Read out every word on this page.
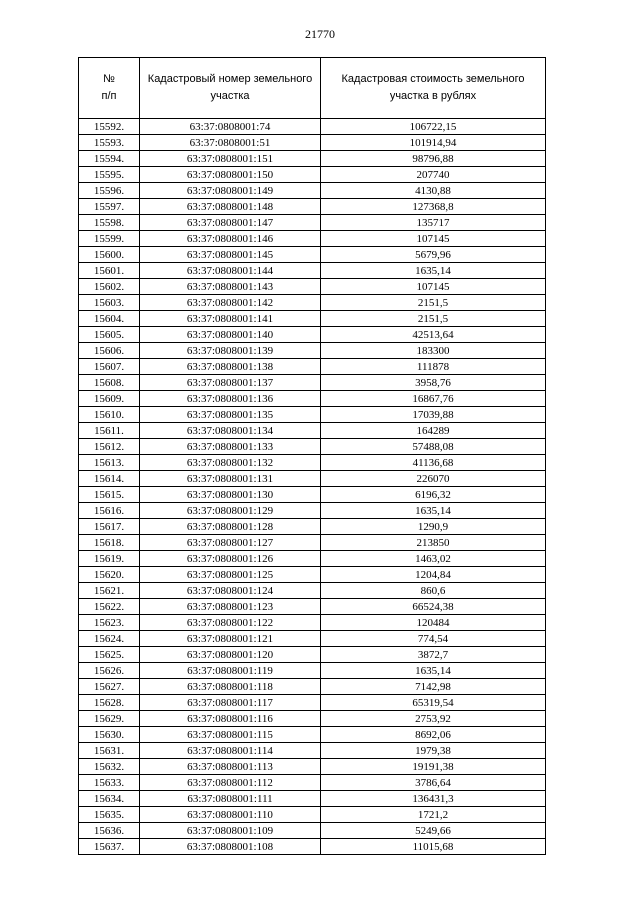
21770
№
п/п	Кадастровый номер земельного участка	Кадастровая стоимость земельного участка в рублях
15592.	63:37:0808001:74	106722,15
15593.	63:37:0808001:51	101914,94
15594.	63:37:0808001:151	98796,88
15595.	63:37:0808001:150	207740
15596.	63:37:0808001:149	4130,88
15597.	63:37:0808001:148	127368,8
15598.	63:37:0808001:147	135717
15599.	63:37:0808001:146	107145
15600.	63:37:0808001:145	5679,96
15601.	63:37:0808001:144	1635,14
15602.	63:37:0808001:143	107145
15603.	63:37:0808001:142	2151,5
15604.	63:37:0808001:141	2151,5
15605.	63:37:0808001:140	42513,64
15606.	63:37:0808001:139	183300
15607.	63:37:0808001:138	111878
15608.	63:37:0808001:137	3958,76
15609.	63:37:0808001:136	16867,76
15610.	63:37:0808001:135	17039,88
15611.	63:37:0808001:134	164289
15612.	63:37:0808001:133	57488,08
15613.	63:37:0808001:132	41136,68
15614.	63:37:0808001:131	226070
15615.	63:37:0808001:130	6196,32
15616.	63:37:0808001:129	1635,14
15617.	63:37:0808001:128	1290,9
15618.	63:37:0808001:127	213850
15619.	63:37:0808001:126	1463,02
15620.	63:37:0808001:125	1204,84
15621.	63:37:0808001:124	860,6
15622.	63:37:0808001:123	66524,38
15623.	63:37:0808001:122	120484
15624.	63:37:0808001:121	774,54
15625.	63:37:0808001:120	3872,7
15626.	63:37:0808001:119	1635,14
15627.	63:37:0808001:118	7142,98
15628.	63:37:0808001:117	65319,54
15629.	63:37:0808001:116	2753,92
15630.	63:37:0808001:115	8692,06
15631.	63:37:0808001:114	1979,38
15632.	63:37:0808001:113	19191,38
15633.	63:37:0808001:112	3786,64
15634.	63:37:0808001:111	136431,3
15635.	63:37:0808001:110	1721,2
15636.	63:37:0808001:109	5249,66
15637.	63:37:0808001:108	11015,68
